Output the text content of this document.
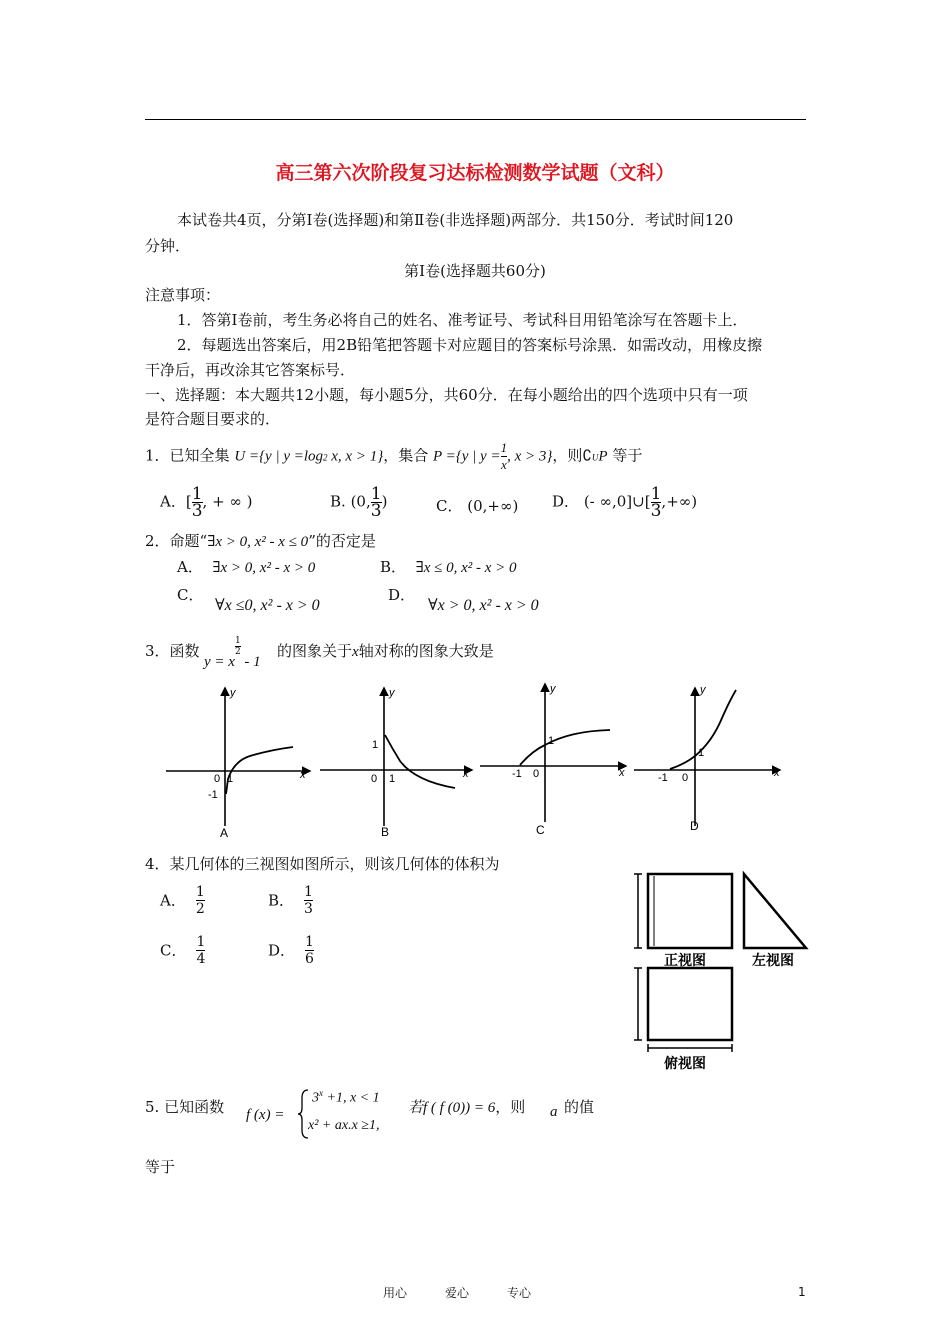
高三第六次阶段复习达标检测数学试题（文科）
本试卷共4页，分第Ⅰ卷(选择题)和第Ⅱ卷(非选择题)两部分．共150分．考试时间120
分钟．
第Ⅰ卷(选择题共60分)
注意事项：
1．答第Ⅰ卷前，考生务必将自己的姓名、准考证号、考试科目用铅笔涂写在答题卡上．
2．每题选出答案后，用2B铅笔把答题卡对应题目的答案标号涂黑．如需改动，用橡皮擦
干净后，再改涂其它答案标号．
一、选择题：本大题共12小题，每小题5分，共60分．在每小题给出的四个选项中只有一项
是符合题目要求的．
1．已知全集 U ={y | y =log2 x, x > 1}，集合 P ={y | $y = \frac{1}{x}$ , x > 3}，则∁UP 等于
A．[ $\frac{1}{3}$ , + ∞ )	B. (0, $\frac{1}{3}$ )	C． (0,+∞) D． (- ∞,0]∪[ $\frac{1}{3}$ ,+∞)
2．命题“∃x > 0, x² - x ≤ 0”的否定是
A． ∃x > 0, x² - x > 0	B． ∃x ≤ 0, x² - x > 0
C．
∀x ≤0, x² - x > 0
D．
∀x > 0, x² - x > 0
3．函数
y = x
$\frac{1}{2}$
- 1
的图象关于x轴对称的图象大致是
x
y
0 1
-1
A
x
y
1
0 1
B
x
y
-1 0
1
C
x
y
-1 0
1
D
4．某几何体的三视图如图所示，则该几何体的体积为
A． $\frac{1}{2}$	B． $\frac{1}{3}$
C． $\frac{1}{4}$	D． $\frac{1}{6}$	正视图	左视图
俯视图
5. 已知函数 f (x) =
$3^x +1$, x < 1
x² + ax.x ≥1,
若f ( f (0)) = 6，则 a 的值
等于
用心	爱心	专心	1
